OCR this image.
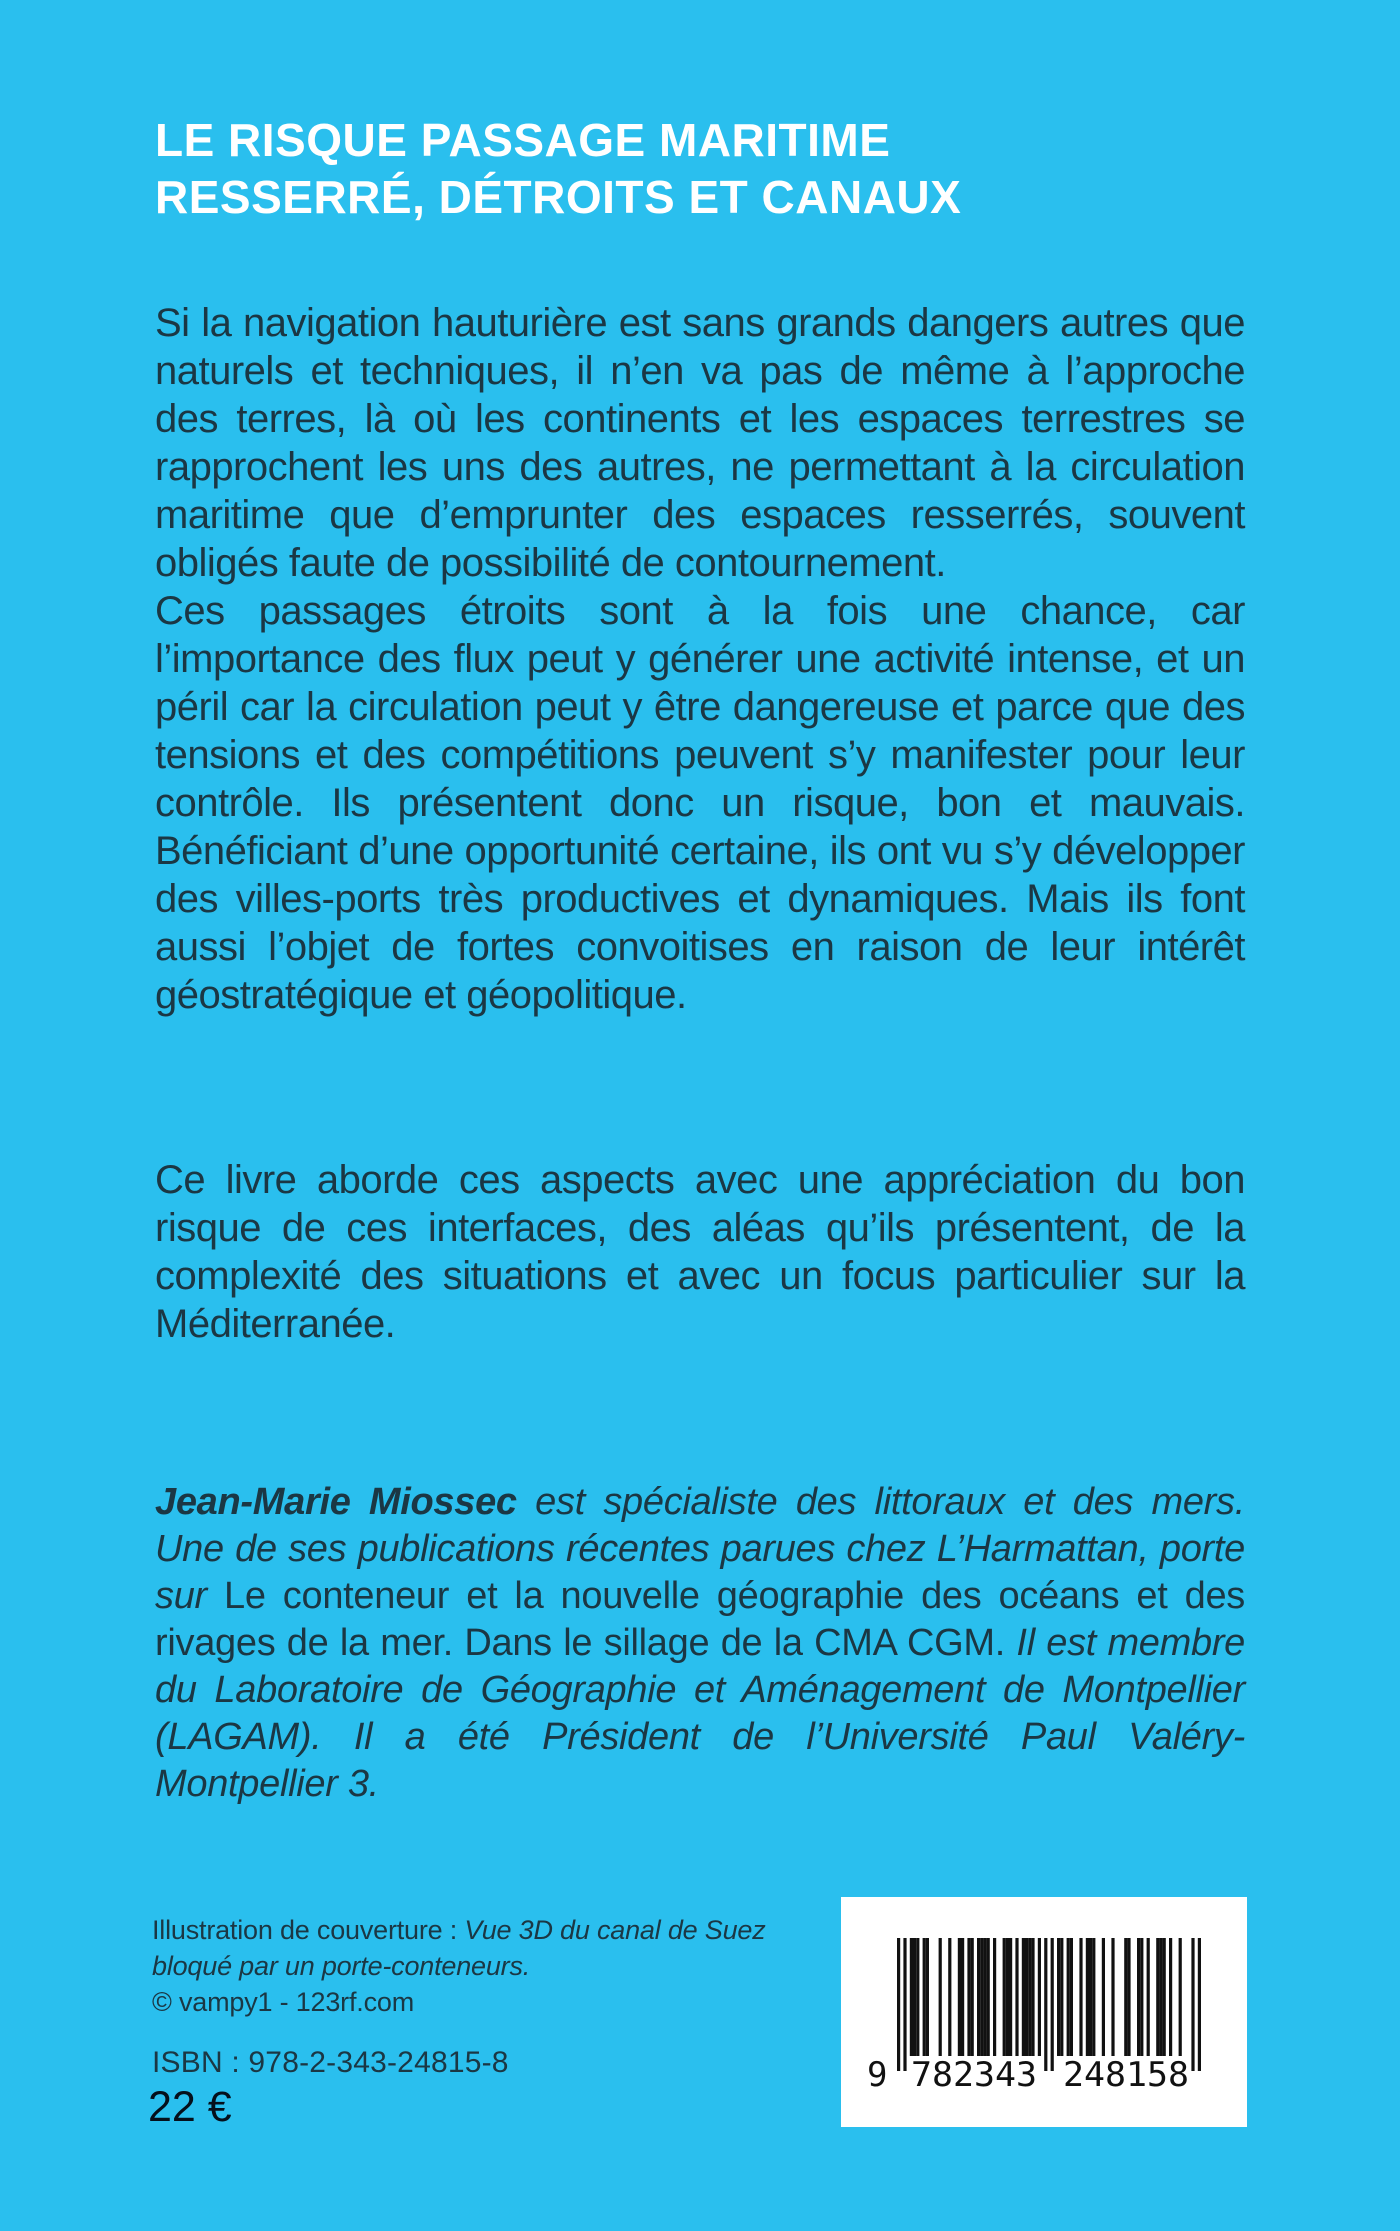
LE RISQUE PASSAGE MARITIME
RESSERRÉ, DÉTROITS ET CANAUX

Si la navigation hauturière est sans grands dangers autres que naturels et techniques, il n’en va pas de même à l’approche des terres, là où les continents et les espaces terrestres se rapprochent les uns des autres, ne permettant à la circulation maritime que d’emprunter des espaces resserrés, souvent obligés faute de possibilité de contournement.

Ces passages étroits sont à la fois une chance, car l’importance des flux peut y générer une activité intense, et un péril car la circulation peut y être dangereuse et parce que des tensions et des compétitions peuvent s’y manifester pour leur contrôle. Ils présentent donc un risque, bon et mauvais. Bénéficiant d’une opportunité certaine, ils ont vu s’y développer des villes-ports très productives et dynamiques. Mais ils font aussi l’objet de fortes convoitises en raison de leur intérêt géostratégique et géopolitique.

Ce livre aborde ces aspects avec une appréciation du bon risque de ces interfaces, des aléas qu’ils présentent, de la complexité des situations et avec un focus particulier sur la Méditerranée.

Jean-Marie Miossec est spécialiste des littoraux et des mers. Une de ses publications récentes parues chez L’Harmattan, porte sur Le conteneur et la nouvelle géographie des océans et des rivages de la mer. Dans le sillage de la CMA CGM. Il est membre du Laboratoire de Géographie et Aménagement de Montpellier (LAGAM). Il a été Président de l’Université Paul Valéry-Montpellier 3.

Illustration de couverture : Vue 3D du canal de Suez bloqué par un porte-conteneurs.
© vampy1 - 123rf.com
ISBN : 978-2-343-24815-8
22 €
9 782343 248158
